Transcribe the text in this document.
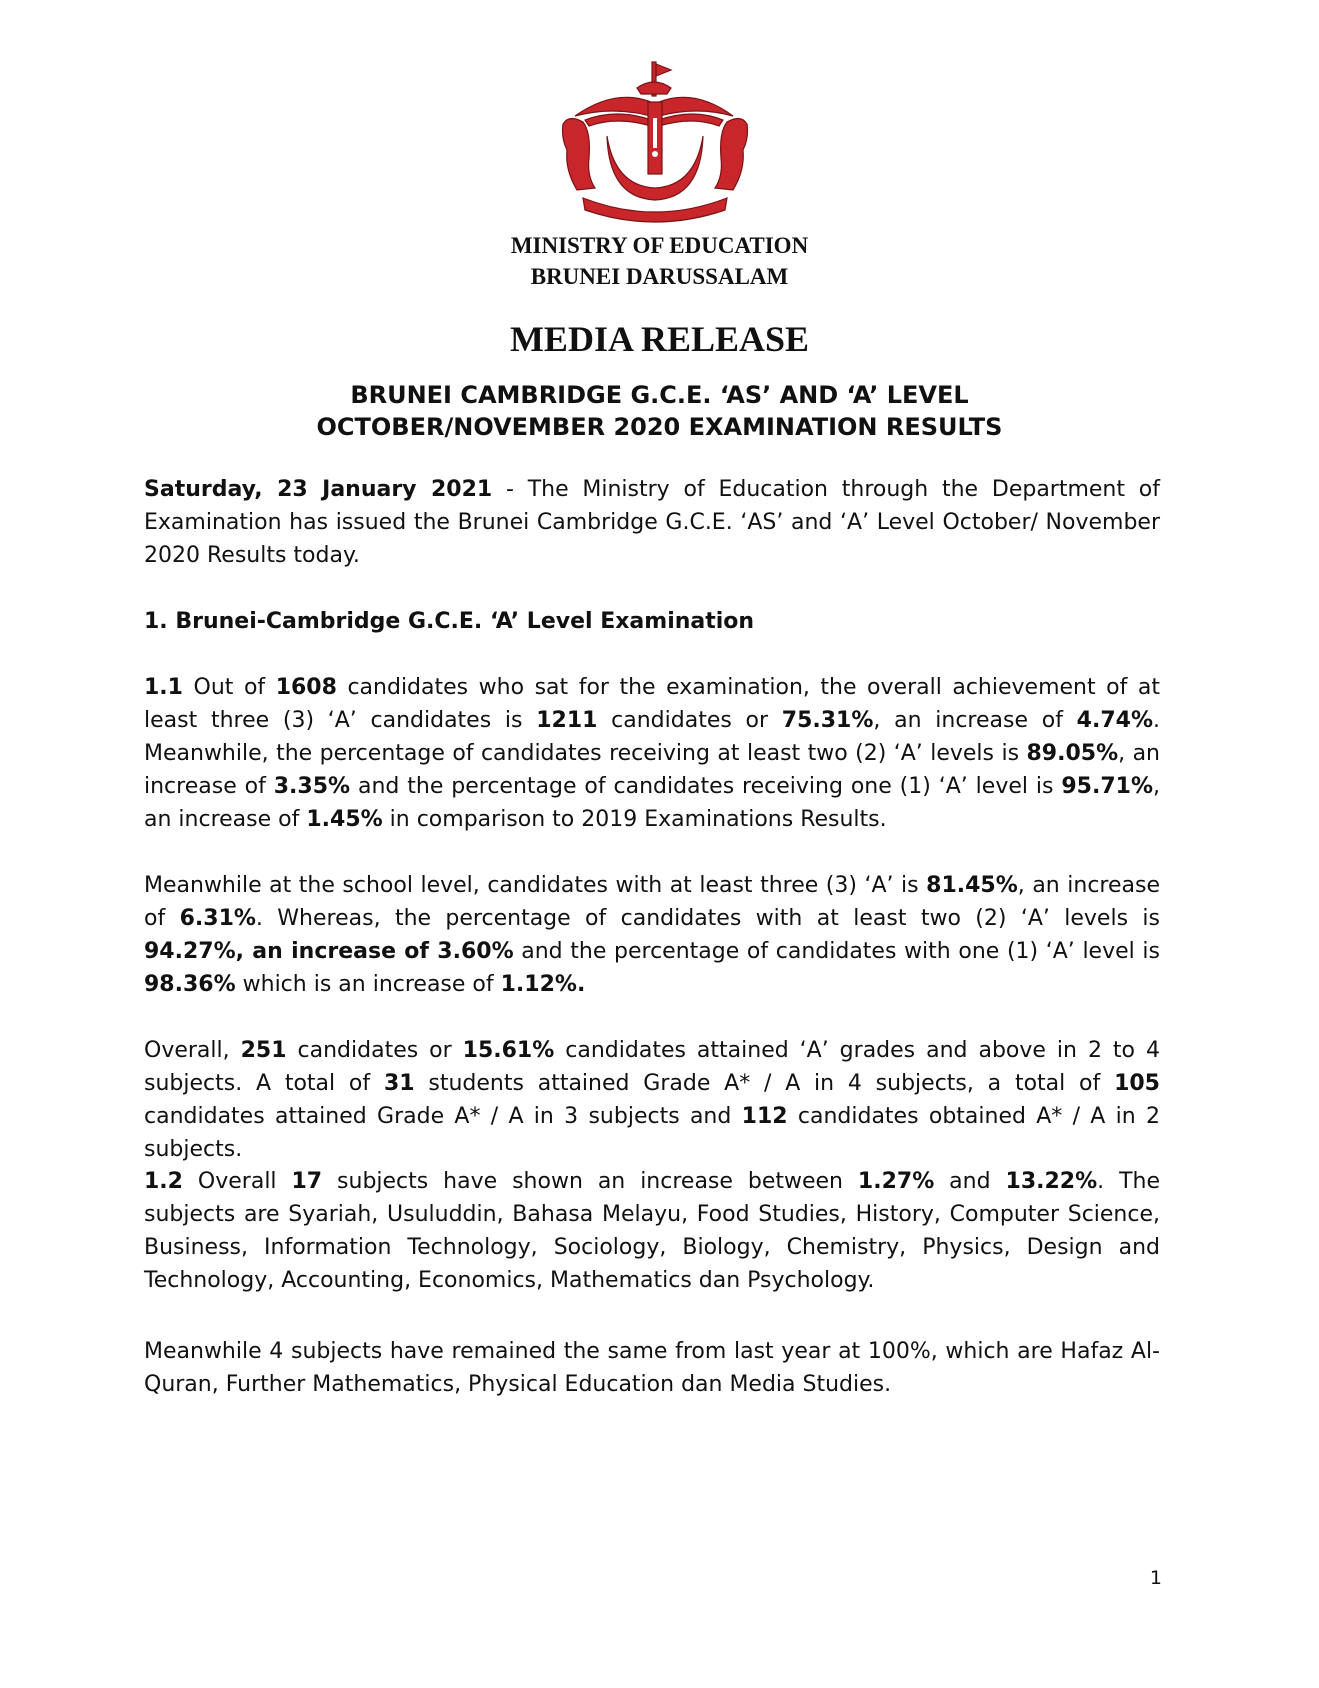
MINISTRY OF EDUCATION
BRUNEI DARUSSALAM
MEDIA RELEASE
BRUNEI CAMBRIDGE G.C.E. ‘AS’ AND ‘A’ LEVEL
OCTOBER/NOVEMBER 2020 EXAMINATION RESULTS
Saturday, 23 January 2021 - The Ministry of Education through the Department of Examination has issued the Brunei Cambridge G.C.E. ‘AS’ and ‘A’ Level October/ November 2020 Results today.
1. Brunei-Cambridge G.C.E. ‘A’ Level Examination
1.1 Out of 1608 candidates who sat for the examination, the overall achievement of at least three (3) ‘A’ candidates is 1211 candidates or 75.31%, an increase of 4.74%. Meanwhile, the percentage of candidates receiving at least two (2) ‘A’ levels is 89.05%, an increase of 3.35% and the percentage of candidates receiving one (1) ‘A’ level is 95.71%, an increase of 1.45% in comparison to 2019 Examinations Results.
Meanwhile at the school level, candidates with at least three (3) ‘A’ is 81.45%, an increase of 6.31%. Whereas, the percentage of candidates with at least two (2) ‘A’ levels is 94.27%, an increase of 3.60% and the percentage of candidates with one (1) ‘A’ level is 98.36% which is an increase of 1.12%.
Overall, 251 candidates or 15.61% candidates attained ‘A’ grades and above in 2 to 4 subjects. A total of 31 students attained Grade A* / A in 4 subjects, a total of 105 candidates attained Grade A* / A in 3 subjects and 112 candidates obtained A* / A in 2 subjects.
1.2 Overall 17 subjects have shown an increase between 1.27% and 13.22%. The subjects are Syariah, Usuluddin, Bahasa Melayu, Food Studies, History, Computer Science, Business, Information Technology, Sociology, Biology, Chemistry, Physics, Design and Technology, Accounting, Economics, Mathematics dan Psychology.
Meanwhile 4 subjects have remained the same from last year at 100%, which are Hafaz Al-Quran, Further Mathematics, Physical Education dan Media Studies.
1
